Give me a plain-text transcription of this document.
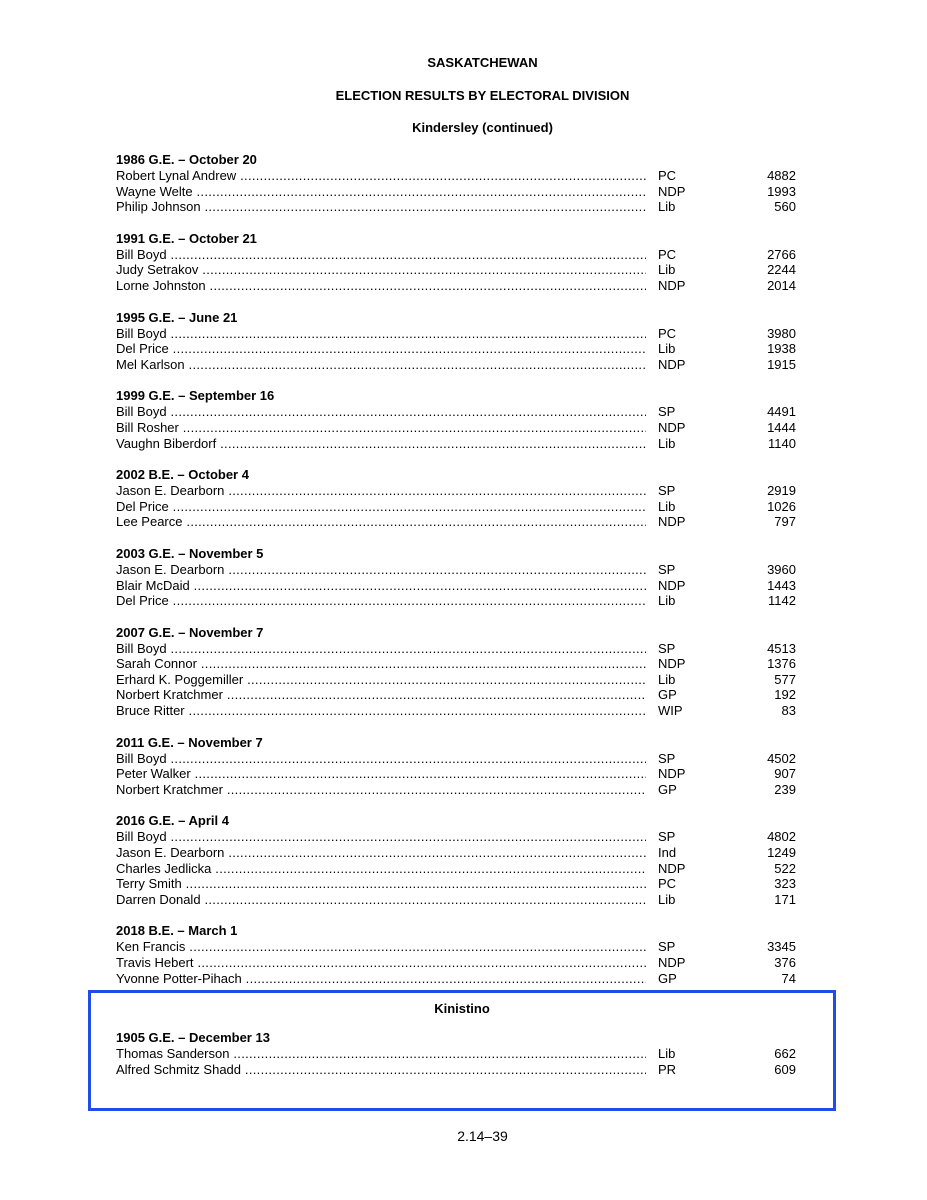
SASKATCHEWAN
ELECTION RESULTS BY ELECTORAL DIVISION
Kindersley (continued)
1986 G.E. – October 20
Robert Lynal Andrew .....	PC	4882
Wayne Welte .....	NDP	1993
Philip Johnson .....	Lib	560
1991 G.E. – October 21
Bill Boyd .....	PC	2766
Judy Setrakov .....	Lib	2244
Lorne Johnston .....	NDP	2014
1995 G.E. – June 21
Bill Boyd .....	PC	3980
Del Price .....	Lib	1938
Mel Karlson .....	NDP	1915
1999 G.E. – September 16
Bill Boyd .....	SP	4491
Bill Rosher .....	NDP	1444
Vaughn Biberdorf .....	Lib	1140
2002 B.E. – October 4
Jason E. Dearborn .....	SP	2919
Del Price .....	Lib	1026
Lee Pearce .....	NDP	797
2003 G.E. – November 5
Jason E. Dearborn .....	SP	3960
Blair McDaid .....	NDP	1443
Del Price .....	Lib	1142
2007 G.E. – November 7
Bill Boyd .....	SP	4513
Sarah Connor .....	NDP	1376
Erhard K. Poggemiller .....	Lib	577
Norbert Kratchmer .....	GP	192
Bruce Ritter .....	WIP	83
2011 G.E. – November 7
Bill Boyd .....	SP	4502
Peter Walker .....	NDP	907
Norbert Kratchmer .....	GP	239
2016 G.E. – April 4
Bill Boyd .....	SP	4802
Jason E. Dearborn .....	Ind	1249
Charles Jedlicka .....	NDP	522
Terry Smith .....	PC	323
Darren Donald .....	Lib	171
2018 B.E. – March 1
Ken Francis .....	SP	3345
Travis Hebert .....	NDP	376
Yvonne Potter-Pihach .....	GP	74
Kinistino
1905 G.E. – December 13
Thomas Sanderson .....	Lib	662
Alfred Schmitz Shadd .....	PR	609
2.14–39
